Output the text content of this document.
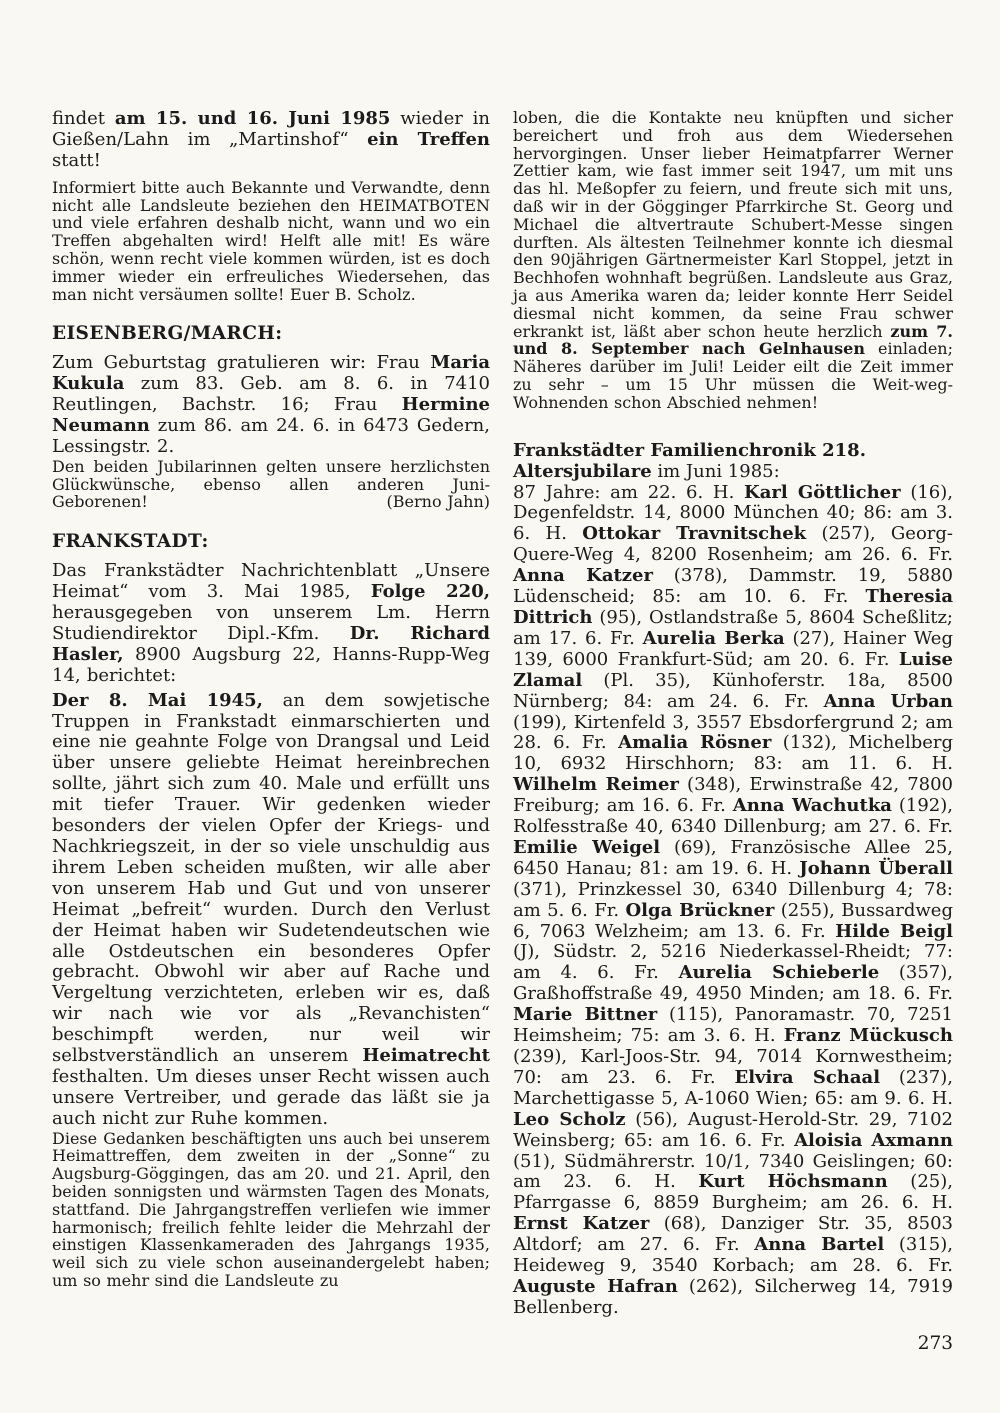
findet am 15. und 16. Juni 1985 wieder in Gießen/Lahn im „Martinshof“ ein Treffen statt!

Informiert bitte auch Bekannte und Verwandte, denn nicht alle Landsleute beziehen den HEIMATBOTEN und viele erfahren deshalb nicht, wann und wo ein Treffen abgehalten wird! Helft alle mit! Es wäre schön, wenn recht viele kommen würden, ist es doch immer wieder ein erfreuliches Wiedersehen, das man nicht versäumen sollte! Euer B. Scholz.

EISENBERG/MARCH:

Zum Geburtstag gratulieren wir: Frau Maria Kukula zum 83. Geb. am 8. 6. in 7410 Reutlingen, Bachstr. 16; Frau Hermine Neumann zum 86. am 24. 6. in 6473 Gedern, Lessingstr. 2.

Den beiden Jubilarinnen gelten unsere herzlichsten Glückwünsche, ebenso allen anderen Juni-Geborenen!	(Berno Jahn)

FRANKSTADT:

Das Frankstädter Nachrichtenblatt „Unsere Heimat“ vom 3. Mai 1985, Folge 220, herausgegeben von unserem Lm. Herrn Studiendirektor Dipl.-Kfm. Dr. Richard Hasler, 8900 Augsburg 22, Hanns-Rupp-Weg 14, berichtet:

Der 8. Mai 1945, an dem sowjetische Truppen in Frankstadt einmarschierten und eine nie geahnte Folge von Drangsal und Leid über unsere geliebte Heimat hereinbrechen sollte, jährt sich zum 40. Male und erfüllt uns mit tiefer Trauer. Wir gedenken wieder besonders der vielen Opfer der Kriegs- und Nachkriegszeit, in der so viele unschuldig aus ihrem Leben scheiden mußten, wir alle aber von unserem Hab und Gut und von unserer Heimat „befreit“ wurden. Durch den Verlust der Heimat haben wir Sudetendeutschen wie alle Ostdeutschen ein besonderes Opfer gebracht. Obwohl wir aber auf Rache und Vergeltung verzichteten, erleben wir es, daß wir nach wie vor als „Revanchisten“ beschimpft werden, nur weil wir selbstverständlich an unserem Heimatrecht festhalten. Um dieses unser Recht wissen auch unsere Vertreiber, und gerade das läßt sie ja auch nicht zur Ruhe kommen.

Diese Gedanken beschäftigten uns auch bei unserem Heimattreffen, dem zweiten in der „Sonne“ zu Augsburg-Göggingen, das am 20. und 21. April, den beiden sonnigsten und wärmsten Tagen des Monats, stattfand. Die Jahrgangstreffen verliefen wie immer harmonisch; freilich fehlte leider die Mehrzahl der einstigen Klassenkameraden des Jahrgangs 1935, weil sich zu viele schon auseinandergelebt haben; um so mehr sind die Landsleute zu

loben, die die Kontakte neu knüpften und sicher bereichert und froh aus dem Wiedersehen hervorgingen. Unser lieber Heimatpfarrer Werner Zettier kam, wie fast immer seit 1947, um mit uns das hl. Meßopfer zu feiern, und freute sich mit uns, daß wir in der Gögginger Pfarrkirche St. Georg und Michael die altvertraute Schubert-Messe singen durften. Als ältesten Teilnehmer konnte ich diesmal den 90jährigen Gärtnermeister Karl Stoppel, jetzt in Bechhofen wohnhaft begrüßen. Landsleute aus Graz, ja aus Amerika waren da; leider konnte Herr Seidel diesmal nicht kommen, da seine Frau schwer erkrankt ist, läßt aber schon heute herzlich zum 7. und 8. September nach Gelnhausen einladen; Näheres darüber im Juli! Leider eilt die Zeit immer zu sehr – um 15 Uhr müssen die Weit-weg-Wohnenden schon Abschied nehmen!

Frankstädter Familienchronik 218.

Altersjubilare im Juni 1985:

87 Jahre: am 22. 6. H. Karl Göttlicher (16), Degenfeldstr. 14, 8000 München 40; 86: am 3. 6. H. Ottokar Travnitschek (257), Georg-Quere-Weg 4, 8200 Rosenheim; am 26. 6. Fr. Anna Katzer (378), Dammstr. 19, 5880 Lüdenscheid; 85: am 10. 6. Fr. Theresia Dittrich (95), Ostlandstraße 5, 8604 Scheßlitz; am 17. 6. Fr. Aurelia Berka (27), Hainer Weg 139, 6000 Frankfurt-Süd; am 20. 6. Fr. Luise Zlamal (Pl. 35), Künhoferstr. 18a, 8500 Nürnberg; 84: am 24. 6. Fr. Anna Urban (199), Kirtenfeld 3, 3557 Ebsdorfergrund 2; am 28. 6. Fr. Amalia Rösner (132), Michelberg 10, 6932 Hirschhorn; 83: am 11. 6. H. Wilhelm Reimer (348), Erwinstraße 42, 7800 Freiburg; am 16. 6. Fr. Anna Wachutka (192), Rolfesstraße 40, 6340 Dillenburg; am 27. 6. Fr. Emilie Weigel (69), Französische Allee 25, 6450 Hanau; 81: am 19. 6. H. Johann Überall (371), Prinzkessel 30, 6340 Dillenburg 4; 78: am 5. 6. Fr. Olga Brückner (255), Bussardweg 6, 7063 Welzheim; am 13. 6. Fr. Hilde Beigl (J), Südstr. 2, 5216 Niederkassel-Rheidt; 77: am 4. 6. Fr. Aurelia Schieberle (357), Graßhoffstraße 49, 4950 Minden; am 18. 6. Fr. Marie Bittner (115), Panoramastr. 70, 7251 Heimsheim; 75: am 3. 6. H. Franz Mückusch (239), Karl-Joos-Str. 94, 7014 Kornwestheim; 70: am 23. 6. Fr. Elvira Schaal (237), Marchettigasse 5, A-1060 Wien; 65: am 9. 6. H. Leo Scholz (56), August-Herold-Str. 29, 7102 Weinsberg; 65: am 16. 6. Fr. Aloisia Axmann (51), Südmährerstr. 10/1, 7340 Geislingen; 60: am 23. 6. H. Kurt Höchsmann (25), Pfarrgasse 6, 8859 Burgheim; am 26. 6. H. Ernst Katzer (68), Danziger Str. 35, 8503 Altdorf; am 27. 6. Fr. Anna Bartel (315), Heideweg 9, 3540 Korbach; am 28. 6. Fr. Auguste Hafran (262), Silcherweg 14, 7919 Bellenberg.

273
